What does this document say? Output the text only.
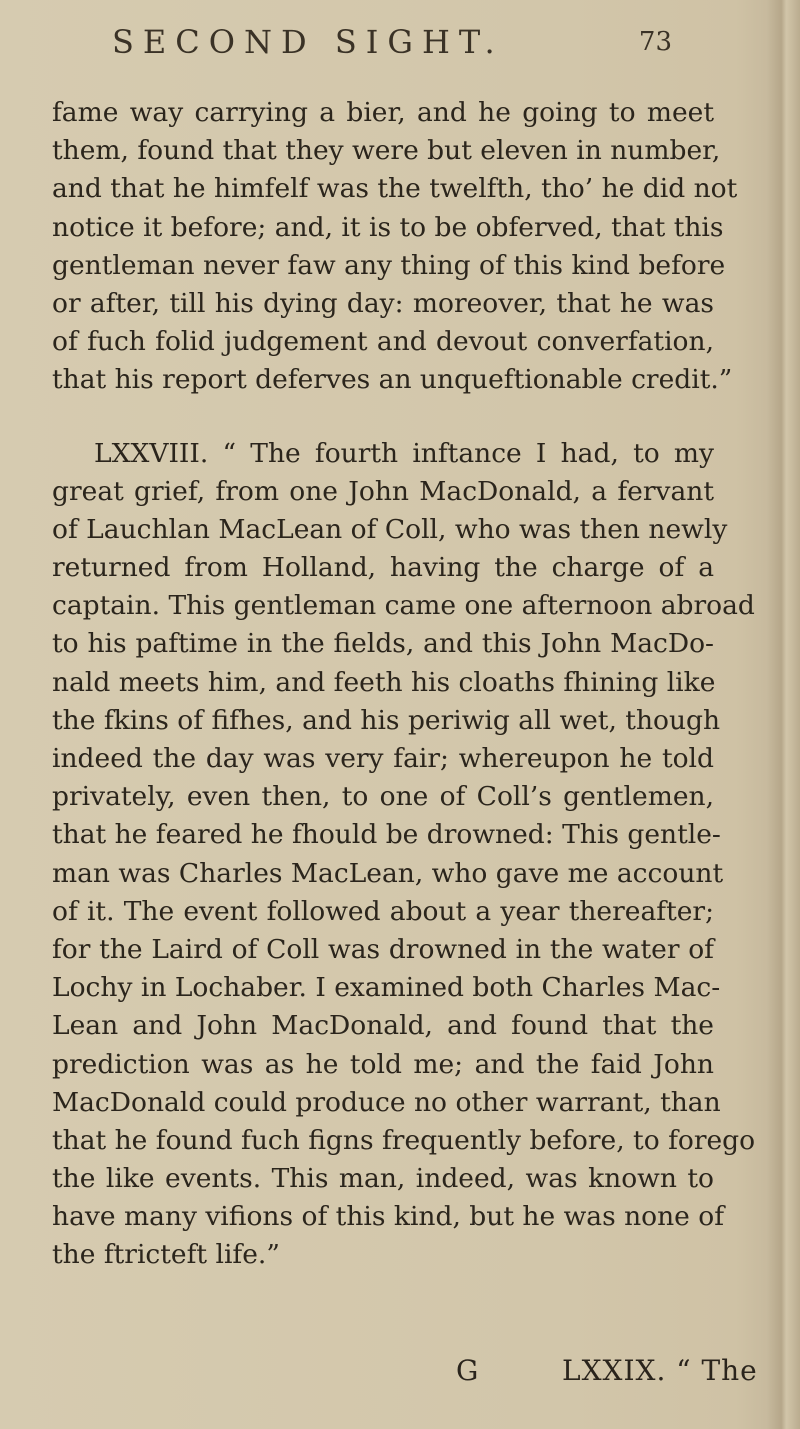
SECOND SIGHT.	73
fame way carrying a bier, and he going to meet
them, found that they were but eleven in number,
and that he himfelf was the twelfth, tho’ he did not
notice it before; and, it is to be obferved, that this
gentleman never faw any thing of this kind before
or after, till his dying day: moreover, that he was
of fuch folid judgement and devout converfation,
that his report deferves an unqueftionable credit.”
LXXVIII. “ The fourth inftance I had, to my
great grief, from one John MacDonald, a fervant
of Lauchlan MacLean of Coll, who was then newly
returned from Holland, having the charge of a
captain. This gentleman came one afternoon abroad
to his paftime in the fields, and this John MacDo-
nald meets him, and feeth his cloaths fhining like
the fkins of fifhes, and his periwig all wet, though
indeed the day was very fair; whereupon he told
privately, even then, to one of Coll’s gentlemen,
that he feared he fhould be drowned: This gentle-
man was Charles MacLean, who gave me account
of it. The event followed about a year thereafter;
for the Laird of Coll was drowned in the water of
Lochy in Lochaber. I examined both Charles Mac-
Lean and John MacDonald, and found that the
prediction was as he told me; and the faid John
MacDonald could produce no other warrant, than
that he found fuch figns frequently before, to forego
the like events. This man, indeed, was known to
have many vifions of this kind, but he was none of
the ftricteft life.”
G	LXXIX. “ The
